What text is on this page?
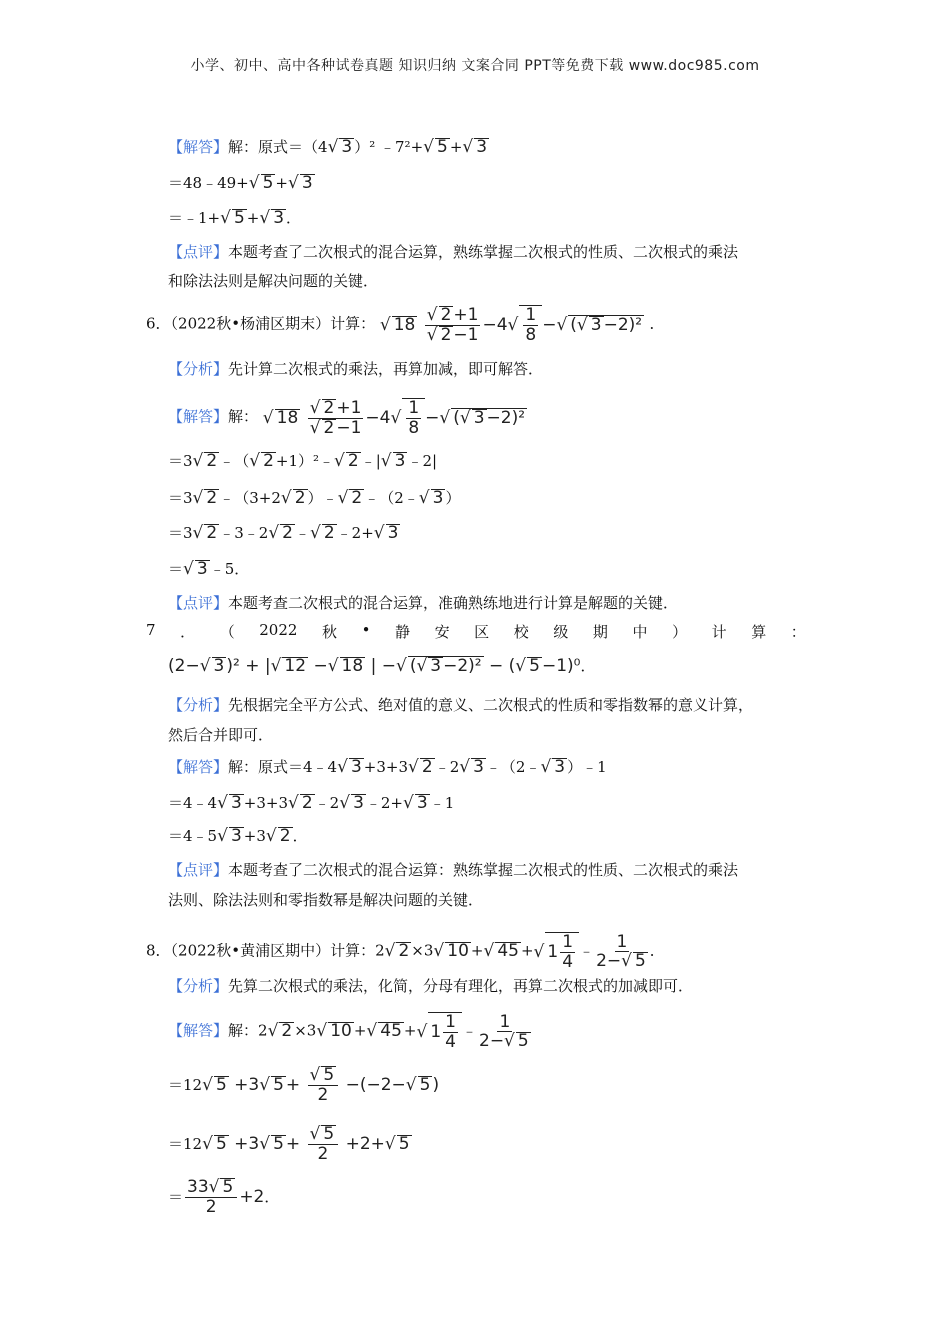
小学、初中、高中各种试卷真题 知识归纳 文案合同 PPT等免费下载 www.doc985.com
【解答】解：原式＝（4√ 3 ）² ﹣7²+√ 5 +√ 3
＝48﹣49+√ 5 +√ 3
＝﹣1+√ 5 +√ 3 ．
【点评】本题考查了二次根式的混合运算，熟练掌握二次根式的性质、二次根式的乘法
和除法法则是解决问题的关键．
6．（2022秋•杨浦区期末）计算： √ $18 \frac{√ 2 +1}{√ 2 -1} -4√ \frac{1}{8}$ −√ (√ 3 −2)² ．
【分析】先计算二次根式的乘法，再算加减，即可解答．
【解答】解： √ $18 \frac{√ 2 +1}{√ 2 -1} -4√ \frac{1}{8}$ −√ (√ 3 −2)²
＝3√ 2 ﹣（√ 2 +1）²﹣√ 2 ﹣|√ 3 ﹣2|
＝3√ 2 ﹣（3+2√ 2 ）﹣√ 2 ﹣（2﹣√ 3 ）
＝3√ 2 ﹣3﹣2√ 2 ﹣√ 2 ﹣2+√ 3
＝√ 3 ﹣5．
【点评】本题考查二次根式的混合运算，准确熟练地进行计算是解题的关键．
7 ． （ 2022 秋 • 静 安 区 校 级 期 中 ） 计 算 ：
(2−√ 3 )² + |√ 12 −√ 18 | −√ (√ 3 −2)² − (√ 5 −1)⁰．
【分析】先根据完全平方公式、绝对值的意义、二次根式的性质和零指数幂的意义计算，
然后合并即可．
【解答】解：原式＝4﹣4√ 3 +3+3√ 2 ﹣2√ 3 ﹣（2﹣√ 3 ）﹣1
＝4﹣4√ 3 +3+3√ 2 ﹣2√ 3 ﹣2+√ 3 ﹣1
＝4﹣5√ 3 +3√ 2 ．
【点评】本题考查了二次根式的混合运算：熟练掌握二次根式的性质、二次根式的乘法
法则、除法法则和零指数幂是解决问题的关键．
8．（2022秋•黄浦区期中）计算：2√ 2 ×3√ 10 +√ 45 +√ $1 \frac{1}{4}$ ﹣ $\frac{1}{2-√ 5}$ ．
【分析】先算二次根式的乘法，化简，分母有理化，再算二次根式的加减即可．
【解答】解：2√ 2 ×3√ 10 +√ 45 +√ $1 \frac{1}{4}$ ﹣ $\frac{1}{2-√ 5}$
＝12√ 5 +3√ $5 + \frac{√ 5}{2} -(-2-√$ 5 )
＝12√ 5 +3√ $5 + \frac{√ 5}{2} +2+√$ 5
＝ $\frac{33√ 5}{2} +2$．
